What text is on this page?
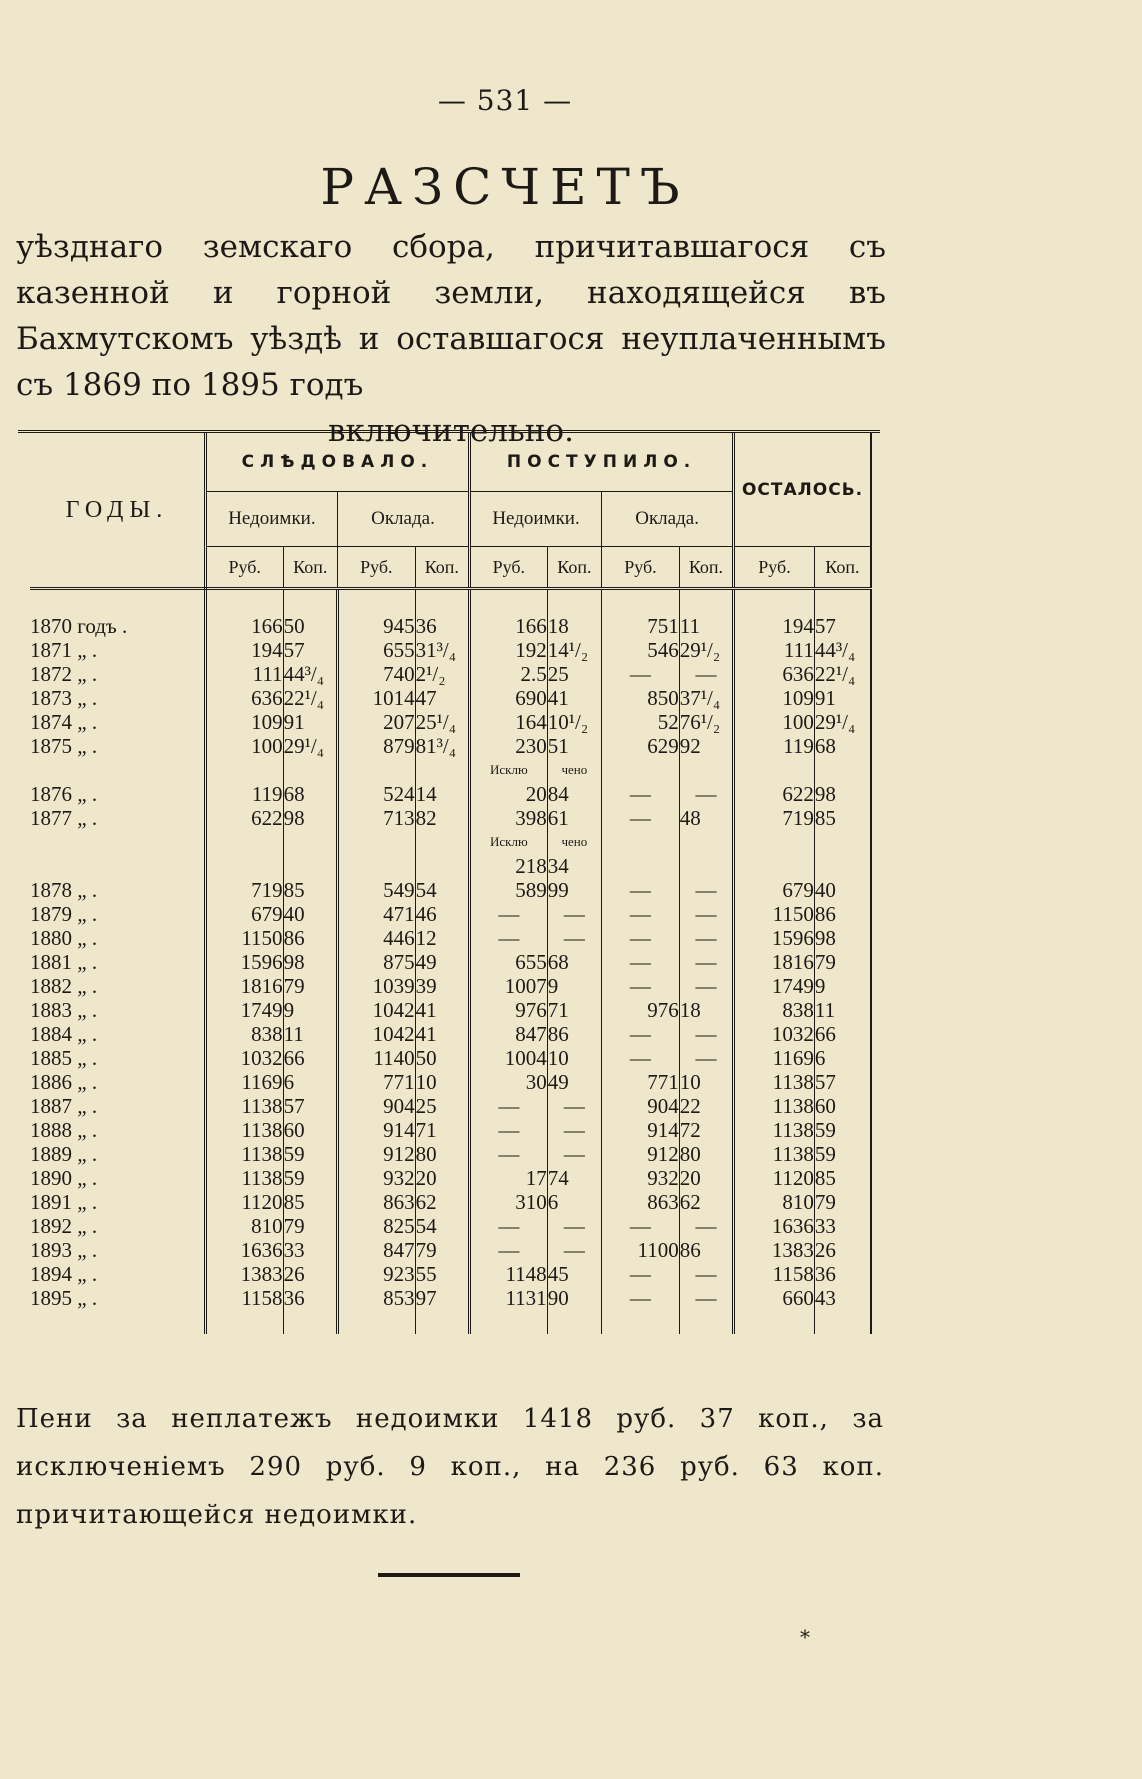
— 531 —
РАЗСЧЕТЪ
уѣзднаго земскаго сбора, причитавшагося съ казенной и горной земли, находящейся въ Бахмутскомъ уѣздѣ и оставшагося неуплаченнымъ съ 1869 по 1895 годъ
включительно.
ГОДЫ.	СЛѢДОВАЛО.				ПОСТУПИЛО.				ОСТАЛОСЬ.	
	Недоимки.		Оклада.		Недоимки.		Оклада.			
	Руб.	Коп.	Руб.	Коп.	Руб.	Коп.	Руб.	Коп.	Руб.	Коп.

1870 годъ .	166	50	945	36	166	18	751	11	194	57
1871 „ .	194	57	655	31³/₄	192	14¹/₂	546	29¹/₂	111	44³/₄
1872 „ .	111	44³/₄	740	2¹/₂	2.5	25	—	—	636	22¹/₄
1873 „ .	636	22¹/₄	1014	47	690	41	850	37¹/₄	109	91
1874 „ .	109	91	207	25¹/₄	164	10¹/₂	52	76¹/₂	100	29¹/₄
1875 „ .	100	29¹/₄	879	81³/₄	230	51	629	92	119	68
					Исклю	чено				
1876 „ .	119	68	524	14	20	84	—	—	622	98
1877 „ .	622	98	713	82	398	61	—	48	719	85
					Исклю	чено				
					218	34				
1878 „ .	719	85	549	54	589	99	—	—	679	40
1879 „ .	679	40	471	46	—	—	—	—	1150	86
1880 „ .	1150	86	446	12	—	—	—	—	1596	98
1881 „ .	1596	98	875	49	655	68	—	—	1816	79
1882 „ .	1816	79	1039	39	1007	9	—	—	1749	9
1883 „ .	1749	9	1042	41	976	71	976	18	838	11
1884 „ .	838	11	1042	41	847	86	—	—	1032	66
1885 „ .	1032	66	1140	50	1004	10	—	—	1169	6
1886 „ .	1169	6	771	10	30	49	771	10	1138	57
1887 „ .	1138	57	904	25	—	—	904	22	1138	60
1888 „ .	1138	60	914	71	—	—	914	72	1138	59
1889 „ .	1138	59	912	80	—	—	912	80	1138	59
1890 „ .	1138	59	932	20	17	74	932	20	1120	85
1891 „ .	1120	85	863	62	310	6	863	62	810	79
1892 „ .	810	79	825	54	—	—	—	—	1636	33
1893 „ .	1636	33	847	79	—	—	1100	86	1383	26
1894 „ .	1383	26	923	55	1148	45	—	—	1158	36
1895 „ .	1158	36	853	97	1131	90	—	—	660	43

Пени за неплатежъ недоимки 1418 руб. 37 коп., за исключеніемъ 290 руб. 9 коп., на 236 руб. 63 коп. причитающейся недоимки.
*
